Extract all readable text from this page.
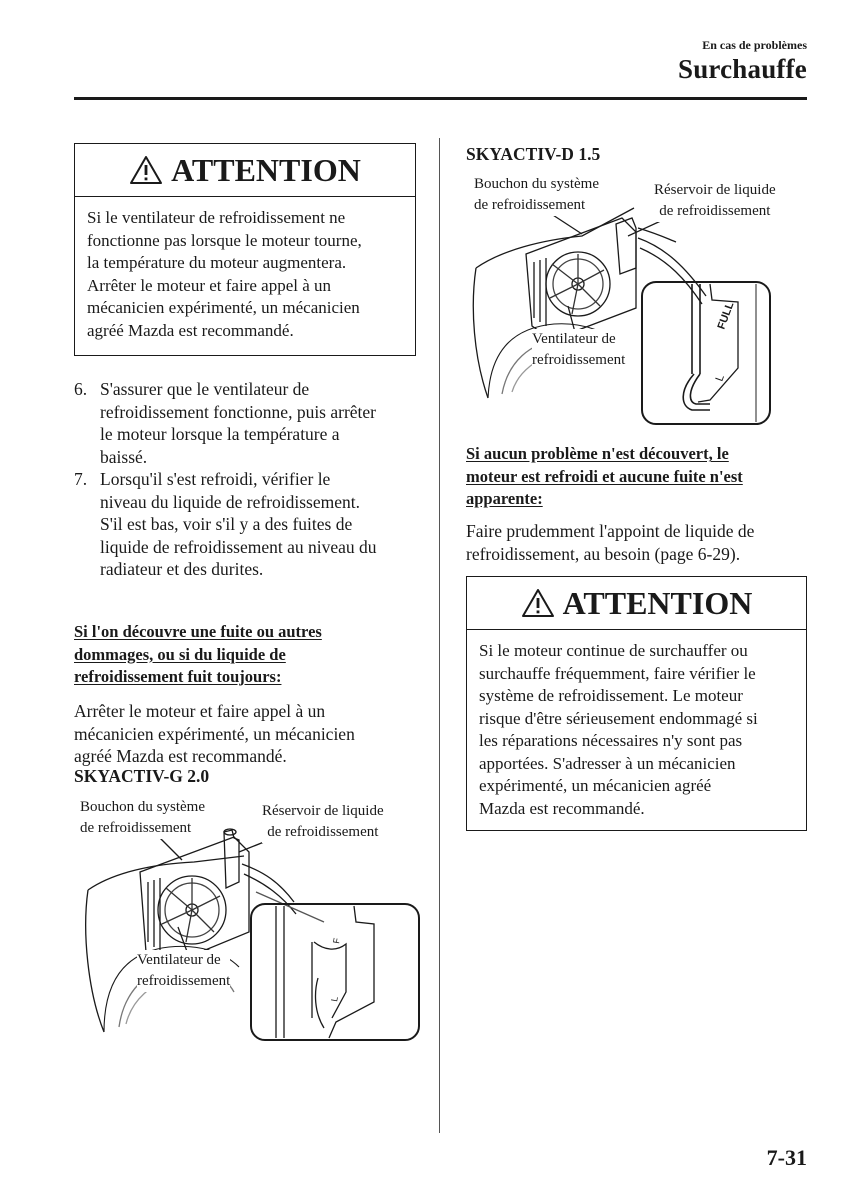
En cas de problèmes
Surchauffe
ATTENTION
Si le ventilateur de refroidissement ne
fonctionne pas lorsque le moteur tourne,
la température du moteur augmentera.
Arrêter le moteur et faire appel à un
mécanicien expérimenté, un mécanicien
agréé Mazda est recommandé.
6. S'assurer que le ventilateur de
refroidissement fonctionne, puis arrêter
le moteur lorsque la température a
baissé.
7. Lorsqu'il s'est refroidi, vérifier le
niveau du liquide de refroidissement.
S'il est bas, voir s'il y a des fuites de
liquide de refroidissement au niveau du
radiateur et des durites.
Si l'on découvre une fuite ou autres
dommages, ou si du liquide de
refroidissement fuit toujours:
Arrêter le moteur et faire appel à un
mécanicien expérimenté, un mécanicien
agréé Mazda est recommandé.
SKYACTIV-G 2.0
F
L
Bouchon du système
de refroidissement
Réservoir de liquide
de refroidissement
Ventilateur de
refroidissement
SKYACTIV-D 1.5
FULL
L
Bouchon du système
de refroidissement
Réservoir de liquide
de refroidissement
Ventilateur de
refroidissement
Si aucun problème n'est découvert, le
moteur est refroidi et aucune fuite n'est
apparente:
Faire prudemment l'appoint de liquide de
refroidissement, au besoin (page 6-29).
ATTENTION
Si le moteur continue de surchauffer ou
surchauffe fréquemment, faire vérifier le
système de refroidissement. Le moteur
risque d'être sérieusement endommagé si
les réparations nécessaires n'y sont pas
apportées. S'adresser à un mécanicien
expérimenté, un mécanicien agréé
Mazda est recommandé.
7-31
